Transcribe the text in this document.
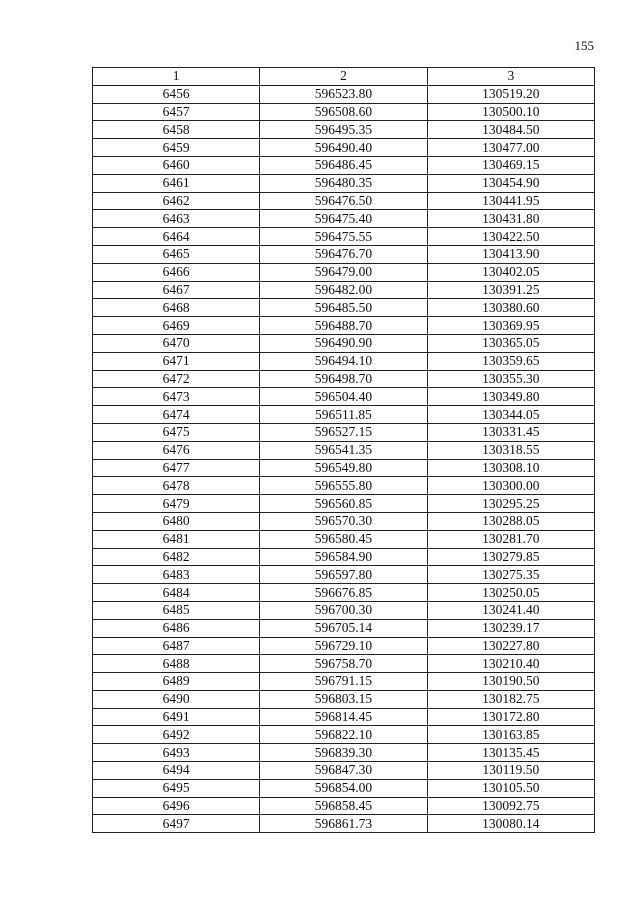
155
1	2	3
6456	596523.80	130519.20
6457	596508.60	130500.10
6458	596495.35	130484.50
6459	596490.40	130477.00
6460	596486.45	130469.15
6461	596480.35	130454.90
6462	596476.50	130441.95
6463	596475.40	130431.80
6464	596475.55	130422.50
6465	596476.70	130413.90
6466	596479.00	130402.05
6467	596482.00	130391.25
6468	596485.50	130380.60
6469	596488.70	130369.95
6470	596490.90	130365.05
6471	596494.10	130359.65
6472	596498.70	130355.30
6473	596504.40	130349.80
6474	596511.85	130344.05
6475	596527.15	130331.45
6476	596541.35	130318.55
6477	596549.80	130308.10
6478	596555.80	130300.00
6479	596560.85	130295.25
6480	596570.30	130288.05
6481	596580.45	130281.70
6482	596584.90	130279.85
6483	596597.80	130275.35
6484	596676.85	130250.05
6485	596700.30	130241.40
6486	596705.14	130239.17
6487	596729.10	130227.80
6488	596758.70	130210.40
6489	596791.15	130190.50
6490	596803.15	130182.75
6491	596814.45	130172.80
6492	596822.10	130163.85
6493	596839.30	130135.45
6494	596847.30	130119.50
6495	596854.00	130105.50
6496	596858.45	130092.75
6497	596861.73	130080.14
